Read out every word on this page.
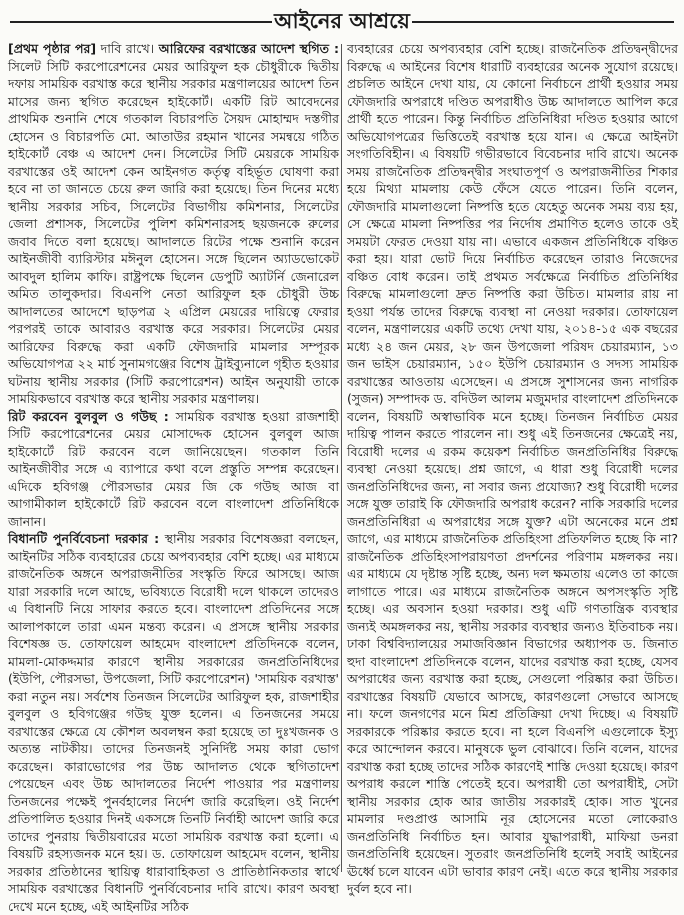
আইনের আশ্রয়ে

[প্রথম পৃষ্ঠার পর] দাবি রাখে। আরিফের বরখাস্তের আদেশ স্থগিত : সিলেট সিটি করপোরেশনের মেয়র আরিফুল হক চৌধুরীকে দ্বিতীয় দফায় সাময়িক বরখাস্ত করে স্থানীয় সরকার মন্ত্রণালয়ের আদেশ তিন মাসের জন্য স্থগিত করেছেন হাইকোর্ট। একটি রিট আবেদনের প্রাথমিক শুনানি শেষে গতকাল বিচারপতি সৈয়দ মোহাম্মদ দস্তগীর হোসেন ও বিচারপতি মো. আতাউর রহমান খানের সমন্বয়ে গঠিত হাইকোর্ট বেঞ্চ এ আদেশ দেন। সিলেটের সিটি মেয়রকে সাময়িক বরখাস্তের ওই আদেশ কেন আইনগত কর্তৃত্ব বহির্ভূত ঘোষণা করা হবে না তা জানতে চেয়ে রুল জারি করা হয়েছে। তিন দিনের মধ্যে স্থানীয় সরকার সচিব, সিলেটের বিভাগীয় কমিশনার, সিলেটের জেলা প্রশাসক, সিলেটের পুলিশ কমিশনারসহ ছয়জনকে রুলের জবাব দিতে বলা হয়েছে। আদালতে রিটের পক্ষে শুনানি করেন আইনজীবী ব্যারিস্টার মঈনুল হোসেন। সঙ্গে ছিলেন অ্যাডভোকেট আবদুল হালিম কাফি। রাষ্ট্রপক্ষে ছিলেন ডেপুটি অ্যাটর্নি জেনারেল অমিত তালুকদার। বিএনপি নেতা আরিফুল হক চৌধুরী উচ্চ আদালতের আদেশে ছাড়পত্র ২ এপ্রিল মেয়রের দায়িত্বে ফেরার পরপরই তাকে আবারও বরখাস্ত করে সরকার। সিলেটের মেয়র আরিফের বিরুদ্ধে করা একটি ফৌজদারি মামলার সম্পূরক অভিযোগপত্র ২২ মার্চ সুনামগঞ্জের বিশেষ ট্রাইব্যুনালে গৃহীত হওয়ার ঘটনায় স্থানীয় সরকার (সিটি করপোরেশন) আইন অনুযায়ী তাকে সাময়িকভাবে বরখাস্ত করে স্থানীয় সরকার মন্ত্রণালয়।

রিট করবেন বুলবুল ও গউছ : সাময়িক বরখাস্ত হওয়া রাজশাহী সিটি করপোরেশনের মেয়র মোসাদ্দেক হোসেন বুলবুল আজ হাইকোর্টে রিট করবেন বলে জানিয়েছেন। গতকাল তিনি আইনজীবীর সঙ্গে এ ব্যাপারে কথা বলে প্রস্তুতি সম্পন্ন করেছেন। এদিকে হবিগঞ্জ পৌরসভার মেয়র জি কে গউছ আজ বা আগামীকাল হাইকোর্টে রিট করবেন বলে বাংলাদেশ প্রতিনিধিকে জানান।

বিধানটি পুনর্বিবেচনা দরকার : স্থানীয় সরকার বিশেষজ্ঞরা বলছেন, আইনটির সঠিক ব্যবহারের চেয়ে অপব্যবহার বেশি হচ্ছে। এর মাধ্যমে রাজনৈতিক অঙ্গনে অপরাজনীতির সংস্কৃতি ফিরে আসছে। আজ যারা সরকারি দলে আছে, ভবিষ্যতে বিরোধী দলে থাকলে তাদেরও এ বিধানটি নিয়ে সাফার করতে হবে। বাংলাদেশ প্রতিদিনের সঙ্গে আলাপকালে তারা এমন মন্তব্য করেন। এ প্রসঙ্গে স্থানীয় সরকার বিশেষজ্ঞ ড. তোফায়েল আহমেদ বাংলাদেশ প্রতিদিনকে বলেন, মামলা-মোকদ্দমার কারণে স্থানীয় সরকারের জনপ্রতিনিধিদের (ইউপি, পৌরসভা, উপজেলা, সিটি করপোরেশন) 'সাময়িক বরখাস্ত' করা নতুন নয়। সর্বশেষ তিনজন সিলেটের আরিফুল হক, রাজশাহীর বুলবুল ও হবিগঞ্জের গউছ যুক্ত হলেন। এ তিনজনের সময়ে বরখাস্তের ক্ষেত্রে যে কৌশল অবলম্বন করা হয়েছে তা দুঃখজনক ও অত্যন্ত নাটকীয়। তাদের তিনজনই সুনির্দিষ্ট সময় কারা ভোগ করেছেন। কারাভোগের পর উচ্চ আদালত থেকে স্থগিতাদেশ পেয়েছেন এবং উচ্চ আদালতের নির্দেশ পাওয়ার পর মন্ত্রণালয় তিনজনের পক্ষেই পুনর্বহালের নির্দেশ জারি করেছিল। ওই নির্দেশ প্রতিপালিত হওয়ার দিনই একসঙ্গে তিনটি নির্বাহী আদেশ জারি করে তাদের পুনরায় দ্বিতীয়বারের মতো সাময়িক বরখাস্ত করা হলো। এ বিষয়টি রহস্যজনক মনে হয়। ড. তোফায়েল আহমেদ বলেন, স্থানীয় সরকার প্রতিষ্ঠানের স্থায়িত্ব ধারাবাহিকতা ও প্রাতিষ্ঠানিকতার স্বার্থে সাময়িক বরখাস্তের বিধানটি পুনর্বিবেচনার দাবি রাখে। কারণ অবস্থা দেখে মনে হচ্ছে, এই আইনটির সঠিক

ব্যবহারের চেয়ে অপব্যবহার বেশি হচ্ছে। রাজনৈতিক প্রতিদ্বন্দ্বীদের বিরুদ্ধে এ আইনের বিশেষ ধারাটি ব্যবহারের অনেক সুযোগ রয়েছে। প্রচলিত আইনে দেখা যায়, যে কোনো নির্বাচনে প্রার্থী হওয়ার সময় ফৌজদারি অপরাধে দণ্ডিত অপরাধীও উচ্চ আদালতে আপিল করে প্রার্থী হতে পারেন। কিন্তু নির্বাচিত প্রতিনিধিরা দণ্ডিত হওয়ার আগে অভিযোগপত্রের ভিত্তিতেই বরখাস্ত হয়ে যান। এ ক্ষেত্রে আইনটা সংগতিবিহীন। এ বিষয়টি গভীরভাবে বিবেচনার দাবি রাখে। অনেক সময় রাজনৈতিক প্রতিদ্বন্দ্বীর সংঘাতপূর্ণ ও অপরাজনীতির শিকার হয়ে মিথ্যা মামলায় কেউ ফেঁসে যেতে পারেন। তিনি বলেন, ফৌজদারি মামলাগুলো নিষ্পত্তি হতে যেহেতু অনেক সময় ব্যয় হয়, সে ক্ষেত্রে মামলা নিষ্পত্তির পর নির্দোষ প্রমাণিত হলেও তাকে ওই সময়টা ফেরত দেওয়া যায় না। এভাবে একজন প্রতিনিধিকে বঞ্চিত করা হয়। যারা ভোট দিয়ে নির্বাচিত করেছেন তারাও নিজেদের বঞ্চিত বোধ করেন। তাই প্রথমত সর্বক্ষেত্রে নির্বাচিত প্রতিনিধির বিরুদ্ধে মামলাগুলো দ্রুত নিষ্পত্তি করা উচিত। মামলার রায় না হওয়া পর্যন্ত তাদের বিরুদ্ধে ব্যবস্থা না নেওয়া দরকার। তোফায়েল বলেন, মন্ত্রণালয়ের একটি তথ্যে দেখা যায়, ২০১৪-১৫ এক বছরের মধ্যে ২৪ জন মেয়র, ২৮ জন উপজেলা পরিষদ চেয়ারম্যান, ১৩ জন ভাইস চেয়ারম্যান, ১৫০ ইউপি চেয়ারম্যান ও সদস্য সাময়িক বরখাস্তের আওতায় এসেছেন। এ প্রসঙ্গে সুশাসনের জন্য নাগরিক (সুজন) সম্পাদক ড. বদিউল আলম মজুমদার বাংলাদেশ প্রতিদিনকে বলেন, বিষয়টি অস্বাভাবিক মনে হচ্ছে। তিনজন নির্বাচিত মেয়র দায়িত্ব পালন করতে পারলেন না। শুধু এই তিনজনের ক্ষেত্রেই নয়, বিরোধী দলের এ রকম কয়েকশ নির্বাচিত জনপ্রতিনিধির বিরুদ্ধে ব্যবস্থা নেওয়া হয়েছে। প্রশ্ন জাগে, এ ধারা শুধু বিরোধী দলের জনপ্রতিনিধিদের জন্য, না সবার জন্য প্রযোজ্য? শুধু বিরোধী দলের সঙ্গে যুক্ত তারাই কি ফৌজদারি অপরাধ করেন? নাকি সরকারি দলের জনপ্রতিনিধিরা এ অপরাধের সঙ্গে যুক্ত? এটা অনেকের মনে প্রশ্ন জাগে, এর মাধ্যমে রাজনৈতিক প্রতিহিংসা প্রতিফলিত হচ্ছে কি না? রাজনৈতিক প্রতিহিংসাপরায়ণতা প্রদর্শনের পরিণাম মঙ্গলকর নয়। এর মাধ্যমে যে দৃষ্টান্ত সৃষ্টি হচ্ছে, অন্য দল ক্ষমতায় এলেও তা কাজে লাগাতে পারে। এর মাধ্যমে রাজনৈতিক অঙ্গনে অপসংস্কৃতি সৃষ্টি হচ্ছে। এর অবসান হওয়া দরকার। শুধু এটি গণতান্ত্রিক ব্যবস্থার জন্যই অমঙ্গলকর নয়, স্থানীয় সরকার ব্যবস্থার জন্যও ইতিবাচক নয়। ঢাকা বিশ্ববিদ্যালয়ের সমাজবিজ্ঞান বিভাগের অধ্যাপক ড. জিনাত হুদা বাংলাদেশ প্রতিদিনকে বলেন, যাদের বরখাস্ত করা হচ্ছে, যেসব অপরাধের জন্য বরখাস্ত করা হচ্ছে, সেগুলো পরিষ্কার করা উচিত। বরখাস্তের বিষয়টি যেভাবে আসছে, কারণগুলো সেভাবে আসছে না। ফলে জনগণের মনে মিশ্র প্রতিক্রিয়া দেখা দিচ্ছে। এ বিষয়টি সরকারকে পরিষ্কার করতে হবে। না হলে বিএনপি এগুলোকে ইস্যু করে আন্দোলন করবে। মানুষকে ভুল বোঝাবে। তিনি বলেন, যাদের বরখাস্ত করা হচ্ছে তাদের সঠিক কারণেই শাস্তি দেওয়া হয়েছে। কারণ অপরাধ করলে শাস্তি পেতেই হবে। অপরাধী তো অপরাধীই, সেটা স্থানীয় সরকার হোক আর জাতীয় সরকারই হোক। সাত খুনের মামলার দণ্ডপ্রাপ্ত আসামি নূর হোসেনের মতো লোকেরাও জনপ্রতিনিধি নির্বাচিত হন। আবার যুদ্ধাপরাধী, মাফিয়া ডনরা জনপ্রতিনিধি হয়েছেন। সুতরাং জনপ্রতিনিধি হলেই সবাই আইনের ঊর্ধ্বে চলে যাবেন এটা ভাবার কারণ নেই। এতে করে স্থানীয় সরকার দুর্বল হবে না।
